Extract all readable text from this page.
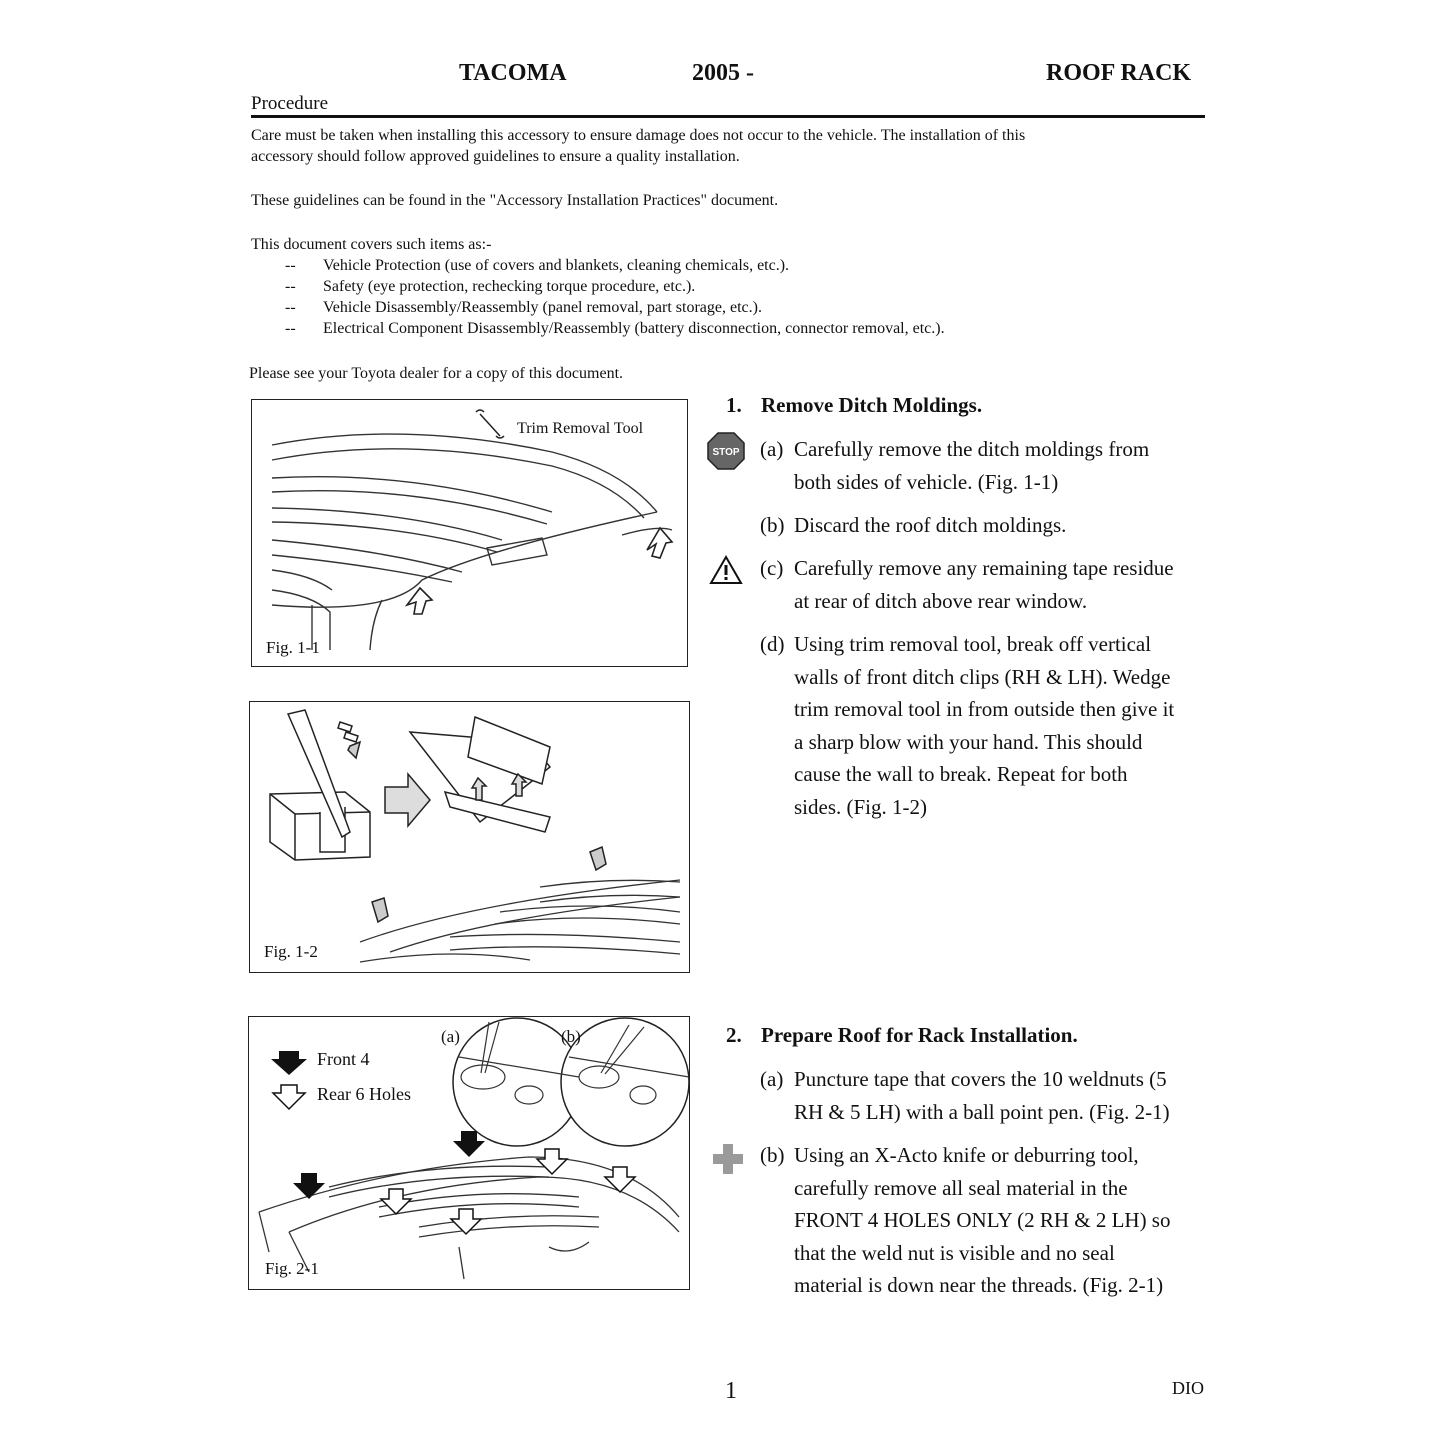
TACOMA	2005 -	ROOF RACK
Procedure
Care must be taken when installing this accessory to ensure damage does not occur to the vehicle. The installation of this
accessory should follow approved guidelines to ensure a quality installation.
These guidelines can be found in the "Accessory Installation Practices" document.
This document covers such items as:-
-- Vehicle Protection (use of covers and blankets, cleaning chemicals, etc.).
-- Safety (eye protection, rechecking torque procedure, etc.).
-- Vehicle Disassembly/Reassembly (panel removal, part storage, etc.).
-- Electrical Component Disassembly/Reassembly (battery disconnection, connector removal, etc.).
Please see your Toyota dealer for a copy of this document.
Trim Removal Tool
Fig. 1-1
Fig. 1-2
Front 4
Rear 6 Holes
(a)	(b)
Fig. 2-1
1. Remove Ditch Moldings.
STOP (a) Carefully remove the ditch moldings from
both sides of vehicle. (Fig. 1-1)
(b) Discard the roof ditch moldings.
(c) Carefully remove any remaining tape residue
at rear of ditch above rear window.
(d) Using trim removal tool, break off vertical
walls of front ditch clips (RH & LH). Wedge
trim removal tool in from outside then give it
a sharp blow with your hand. This should
cause the wall to break. Repeat for both
sides. (Fig. 1-2)
2. Prepare Roof for Rack Installation.
(a) Puncture tape that covers the 10 weldnuts (5
RH & 5 LH) with a ball point pen. (Fig. 2-1)
(b) Using an X-Acto knife or deburring tool,
carefully remove all seal material in the
FRONT 4 HOLES ONLY (2 RH & 2 LH) so
that the weld nut is visible and no seal
material is down near the threads. (Fig. 2-1)
1	DIO
